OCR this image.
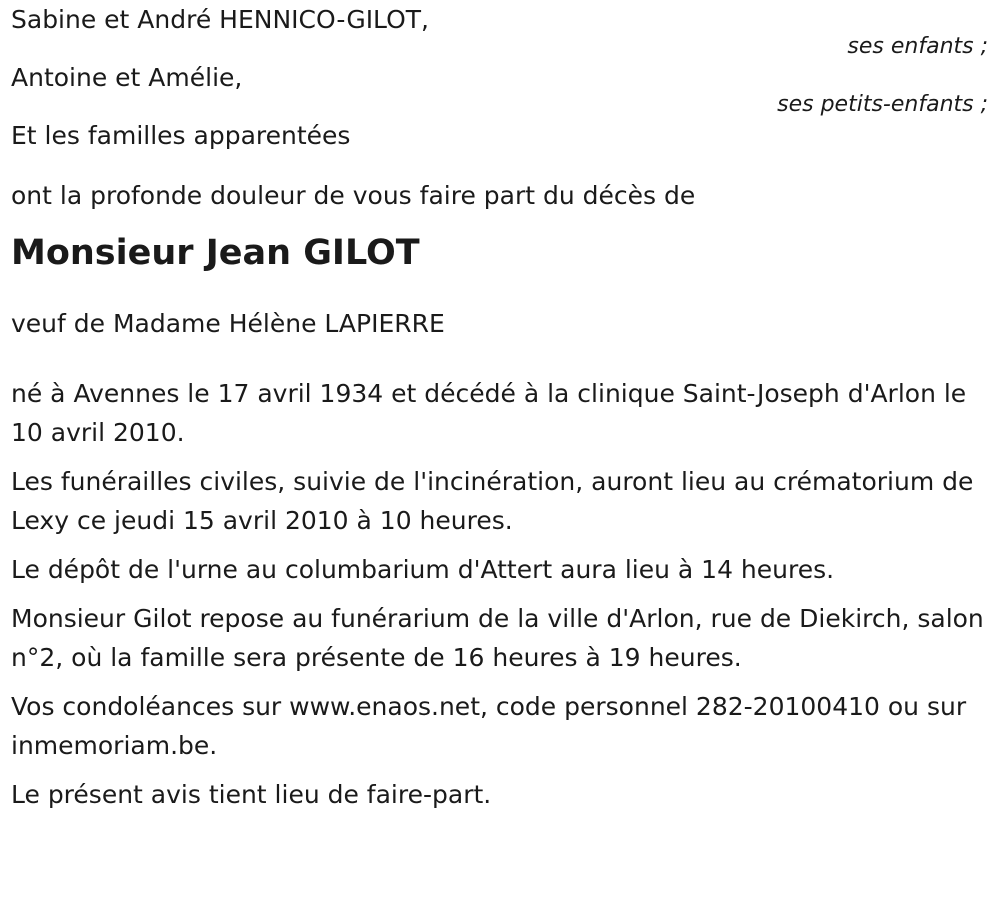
Sabine et André HENNICO-GILOT,
ses enfants ;
Antoine et Amélie,
ses petits-enfants ;
Et les familles apparentées
ont la profonde douleur de vous faire part du décès de
Monsieur Jean GILOT
veuf de Madame Hélène LAPIERRE
né à Avennes le 17 avril 1934 et décédé à la clinique Saint-Joseph d'Arlon le 10 avril 2010.
Les funérailles civiles, suivie de l'incinération, auront lieu au crématorium de Lexy ce jeudi 15 avril 2010 à 10 heures.
Le dépôt de l'urne au columbarium d'Attert aura lieu à 14 heures.
Monsieur Gilot repose au funérarium de la ville d'Arlon, rue de Diekirch, salon n°2, où la famille sera présente de 16 heures à 19 heures.
Vos condoléances sur www.enaos.net, code personnel 282-20100410 ou sur inmemoriam.be.
Le présent avis tient lieu de faire-part.
